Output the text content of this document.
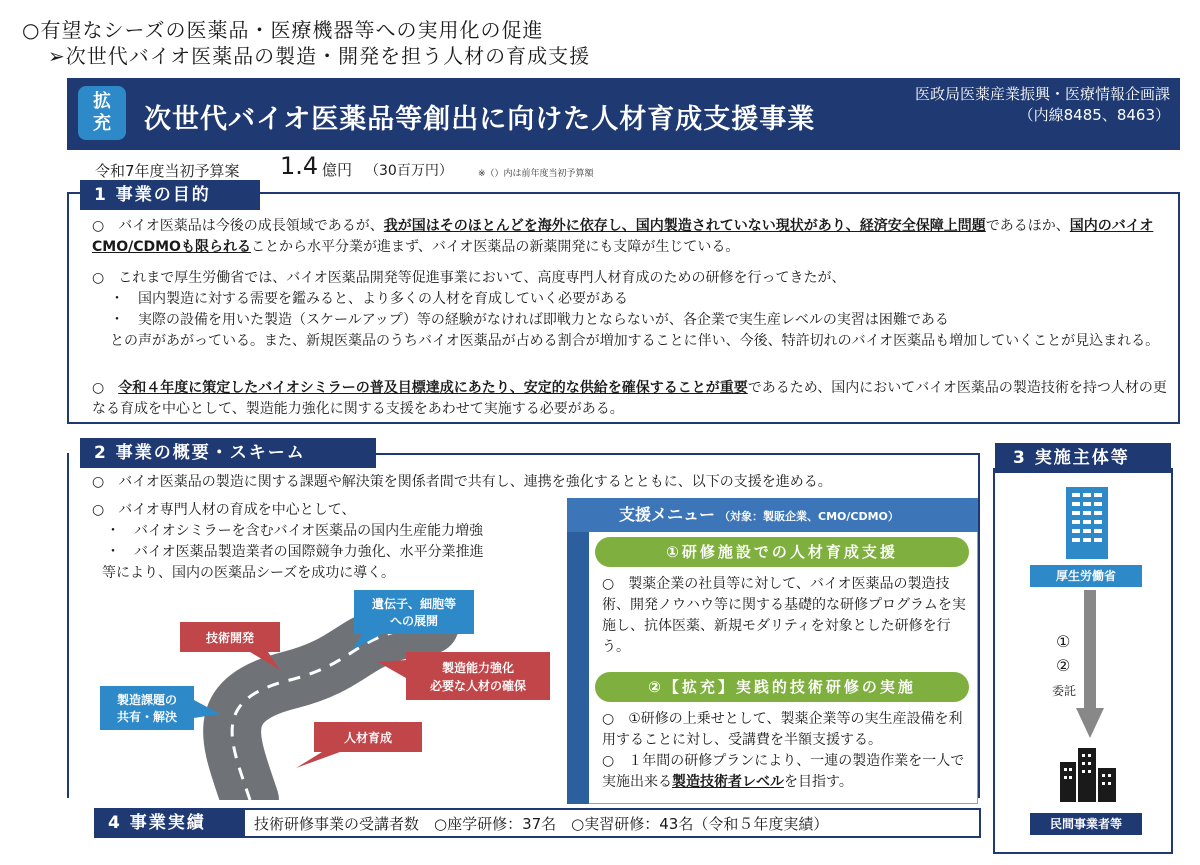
○有望なシーズの医薬品・医療機器等への実用化の促進
➢次世代バイオ医薬品の製造・開発を担う人材の育成支援
拡
充	次世代バイオ医薬品等創出に向けた人材育成支援事業
医政局医薬産業振興・医療情報企画課
（内線8485、8463）
令和7年度当初予算案 1.4 億円 （30百万円）	※（）内は前年度当初予算額
1 事業の目的
○　バイオ医薬品は今後の成長領域であるが、我が国はそのほとんどを海外に依存し、国内製造されていない現状があり、経済安全保障上問題であるほか、国内のバイオCMO/CDMOも限られることから水平分業が進まず、バイオ医薬品の新薬開発にも支障が生じている。
○　これまで厚生労働省では、バイオ医薬品開発等促進事業において、高度専門人材育成のための研修を行ってきたが、
・　国内製造に対する需要を鑑みると、より多くの人材を育成していく必要がある
・　実際の設備を用いた製造（スケールアップ）等の経験がなければ即戦力とならないが、各企業で実生産レベルの実習は困難である
との声があがっている。また、新規医薬品のうちバイオ医薬品が占める割合が増加することに伴い、今後、特許切れのバイオ医薬品も増加していくことが見込まれる。
○　令和４年度に策定したバイオシミラーの普及目標達成にあたり、安定的な供給を確保することが重要であるため、国内においてバイオ医薬品の製造技術を持つ人材の更なる育成を中心として、製造能力強化に関する支援をあわせて実施する必要がある。
2 事業の概要・スキーム
○　バイオ医薬品の製造に関する課題や解決策を関係者間で共有し、連携を強化するとともに、以下の支援を進める。
○　バイオ専門人材の育成を中心として、
・　バイオシミラーを含むバイオ医薬品の国内生産能力増強
・　バイオ医薬品製造業者の国際競争力強化、水平分業推進
等により、国内の医薬品シーズを成功に導く。
遺伝子、細胞等
への展開
技術開発
製造能力強化
必要な人材の確保
製造課題の
共有・解決
人材育成
支援メニュー （対象：製販企業、CMO/CDMO）
①研修施設での人材育成支援
○　製薬企業の社員等に対して、バイオ医薬品の製造技術、開発ノウハウ等に関する基礎的な研修プログラムを実施し、抗体医薬、新規モダリティを対象とした研修を行う。
②【拡充】実践的技術研修の実施
○　①研修の上乗せとして、製薬企業等の実生産設備を利用することに対し、受講費を半額支援する。
○　１年間の研修プランにより、一連の製造作業を一人で実施出来る製造技術者レベルを目指す。
3 実施主体等
厚生労働省
①
②
委託
民間事業者等
4 事業実績	技術研修事業の受講者数　○座学研修：37名　○実習研修：43名（令和５年度実績）
